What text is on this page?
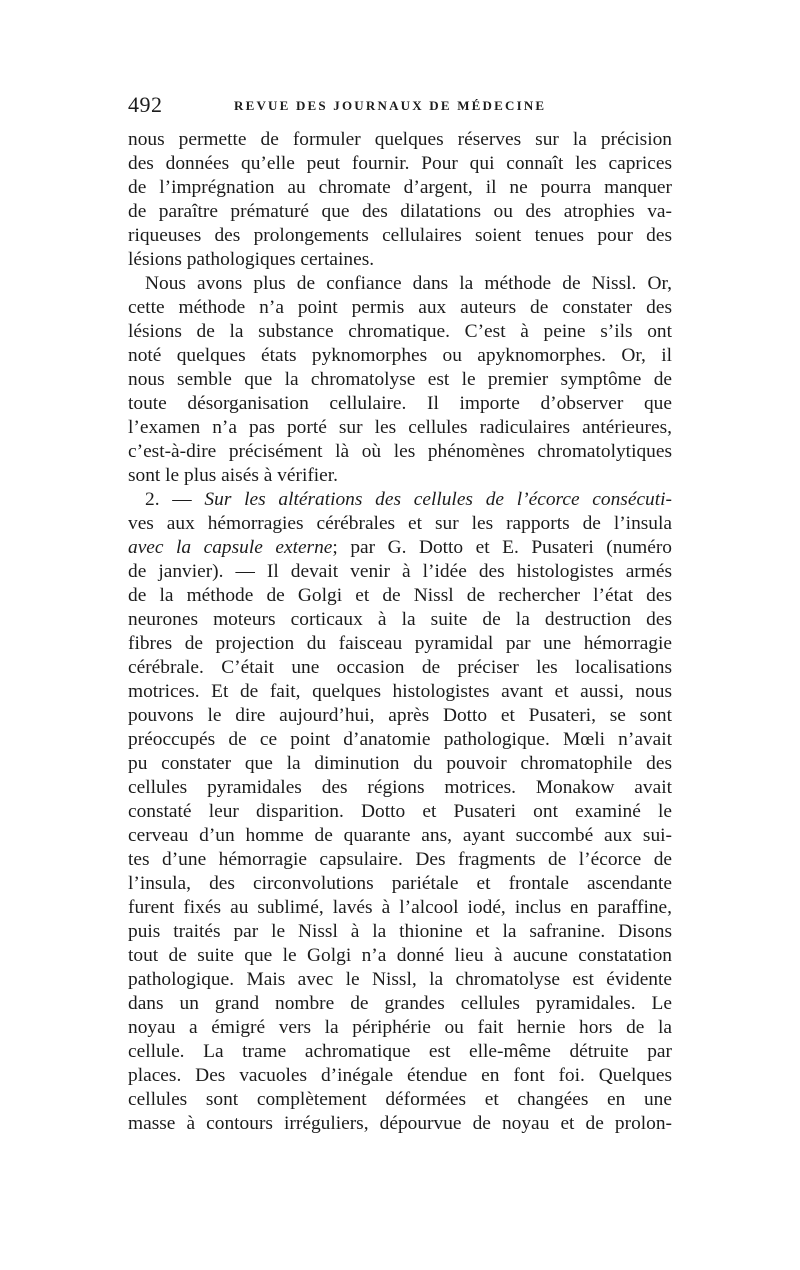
492	REVUE DES JOURNAUX DE MÉDECINE
nous permette de formuler quelques réserves sur la précision
des données qu’elle peut fournir. Pour qui connaît les caprices
de l’imprégnation au chromate d’argent, il ne pourra manquer
de paraître prématuré que des dilatations ou des atrophies va-
riqueuses des prolongements cellulaires soient tenues pour des
lésions pathologiques certaines.
Nous avons plus de confiance dans la méthode de Nissl. Or,
cette méthode n’a point permis aux auteurs de constater des
lésions de la substance chromatique. C’est à peine s’ils ont
noté quelques états pyknomorphes ou apyknomorphes. Or, il
nous semble que la chromatolyse est le premier symptôme de
toute désorganisation cellulaire. Il importe d’observer que
l’examen n’a pas porté sur les cellules radiculaires antérieures,
c’est-à-dire précisément là où les phénomènes chromatolytiques
sont le plus aisés à vérifier.
2. — Sur les altérations des cellules de l’écorce consécuti-
ves aux hémorragies cérébrales et sur les rapports de l’insula
avec la capsule externe; par G. Dotto et E. Pusateri (numéro
de janvier). — Il devait venir à l’idée des histologistes armés
de la méthode de Golgi et de Nissl de rechercher l’état des
neurones moteurs corticaux à la suite de la destruction des
fibres de projection du faisceau pyramidal par une hémorragie
cérébrale. C’était une occasion de préciser les localisations
motrices. Et de fait, quelques histologistes avant et aussi, nous
pouvons le dire aujourd’hui, après Dotto et Pusateri, se sont
préoccupés de ce point d’anatomie pathologique. Mœli n’avait
pu constater que la diminution du pouvoir chromatophile des
cellules pyramidales des régions motrices. Monakow avait
constaté leur disparition. Dotto et Pusateri ont examiné le
cerveau d’un homme de quarante ans, ayant succombé aux sui-
tes d’une hémorragie capsulaire. Des fragments de l’écorce de
l’insula, des circonvolutions pariétale et frontale ascendante
furent fixés au sublimé, lavés à l’alcool iodé, inclus en paraffine,
puis traités par le Nissl à la thionine et la safranine. Disons
tout de suite que le Golgi n’a donné lieu à aucune constatation
pathologique. Mais avec le Nissl, la chromatolyse est évidente
dans un grand nombre de grandes cellules pyramidales. Le
noyau a émigré vers la périphérie ou fait hernie hors de la
cellule. La trame achromatique est elle-même détruite par
places. Des vacuoles d’inégale étendue en font foi. Quelques
cellules sont complètement déformées et changées en une
masse à contours irréguliers, dépourvue de noyau et de prolon-
